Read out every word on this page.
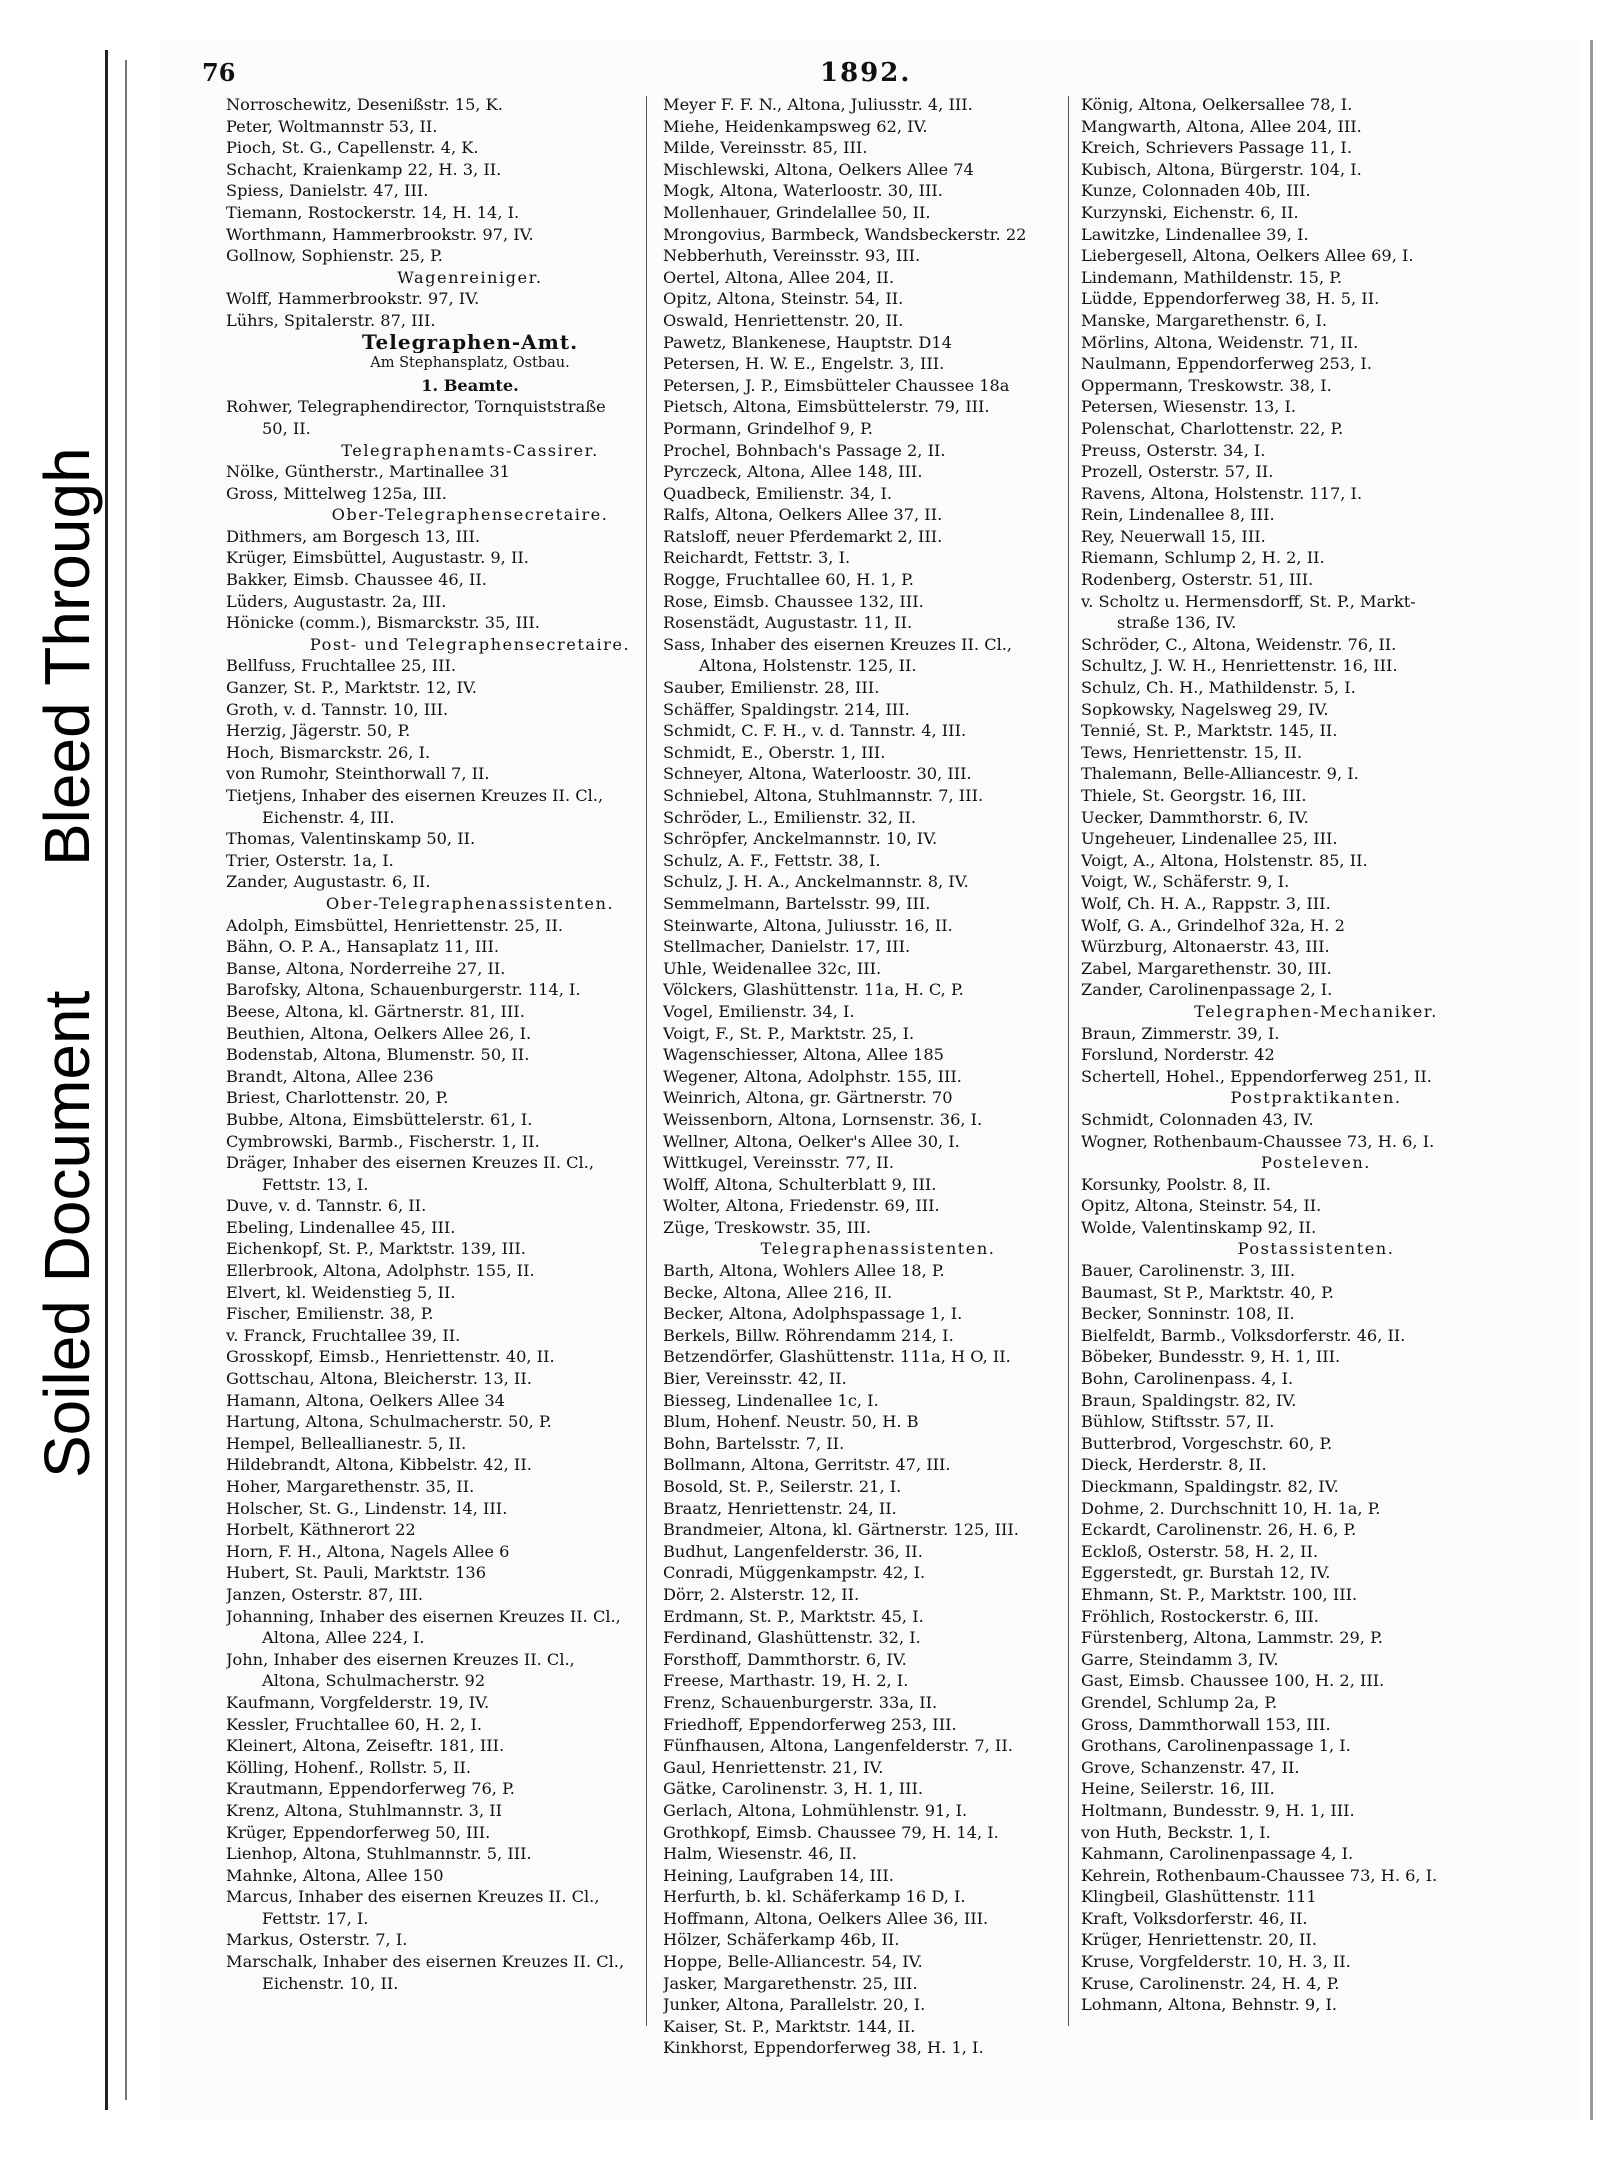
Soiled Document
Bleed Through
76	1892.
Norroschewitz, Desenißstr. 15, K.
Peter, Woltmannstr 53, II.
Pioch, St. G., Capellenstr. 4, K.
Schacht, Kraienkamp 22, H. 3, II.
Spiess, Danielstr. 47, III.
Tiemann, Rostockerstr. 14, H. 14, I.
Worthmann, Hammerbrookstr. 97, IV.
Gollnow, Sophienstr. 25, P.
Wagenreiniger.
Wolff, Hammerbrookstr. 97, IV.
Lührs, Spitalerstr. 87, III.
Telegraphen-Amt.
Am Stephansplatz, Ostbau.
1. Beamte.
Rohwer, Telegraphendirector, Tornquiststraße
50, II.
Telegraphenamts-Cassirer.
Nölke, Güntherstr., Martinallee 31
Gross, Mittelweg 125a, III.
Ober-Telegraphensecretaire.
Dithmers, am Borgesch 13, III.
Krüger, Eimsbüttel, Augustastr. 9, II.
Bakker, Eimsb. Chaussee 46, II.
Lüders, Augustastr. 2a, III.
Hönicke (comm.), Bismarckstr. 35, III.
Post- und Telegraphensecretaire.
Bellfuss, Fruchtallee 25, III.
Ganzer, St. P., Marktstr. 12, IV.
Groth, v. d. Tannstr. 10, III.
Herzig, Jägerstr. 50, P.
Hoch, Bismarckstr. 26, I.
von Rumohr, Steinthorwall 7, II.
Tietjens, Inhaber des eisernen Kreuzes II. Cl.,
Eichenstr. 4, III.
Thomas, Valentinskamp 50, II.
Trier, Osterstr. 1a, I.
Zander, Augustastr. 6, II.
Ober-Telegraphenassistenten.
Adolph, Eimsbüttel, Henriettenstr. 25, II.
Bähn, O. P. A., Hansaplatz 11, III.
Banse, Altona, Norderreihe 27, II.
Barofsky, Altona, Schauenburgerstr. 114, I.
Beese, Altona, kl. Gärtnerstr. 81, III.
Beuthien, Altona, Oelkers Allee 26, I.
Bodenstab, Altona, Blumenstr. 50, II.
Brandt, Altona, Allee 236
Briest, Charlottenstr. 20, P.
Bubbe, Altona, Eimsbüttelerstr. 61, I.
Cymbrowski, Barmb., Fischerstr. 1, II.
Dräger, Inhaber des eisernen Kreuzes II. Cl.,
Fettstr. 13, I.
Duve, v. d. Tannstr. 6, II.
Ebeling, Lindenallee 45, III.
Eichenkopf, St. P., Marktstr. 139, III.
Ellerbrook, Altona, Adolphstr. 155, II.
Elvert, kl. Weidenstieg 5, II.
Fischer, Emilienstr. 38, P.
v. Franck, Fruchtallee 39, II.
Grosskopf, Eimsb., Henriettenstr. 40, II.
Gottschau, Altona, Bleicherstr. 13, II.
Hamann, Altona, Oelkers Allee 34
Hartung, Altona, Schulmacherstr. 50, P.
Hempel, Belleallianestr. 5, II.
Hildebrandt, Altona, Kibbelstr. 42, II.
Hoher, Margarethenstr. 35, II.
Holscher, St. G., Lindenstr. 14, III.
Horbelt, Käthnerort 22
Horn, F. H., Altona, Nagels Allee 6
Hubert, St. Pauli, Marktstr. 136
Janzen, Osterstr. 87, III.
Johanning, Inhaber des eisernen Kreuzes II. Cl.,
Altona, Allee 224, I.
John, Inhaber des eisernen Kreuzes II. Cl.,
Altona, Schulmacherstr. 92
Kaufmann, Vorgfelderstr. 19, IV.
Kessler, Fruchtallee 60, H. 2, I.
Kleinert, Altona, Zeiseftr. 181, III.
Kölling, Hohenf., Rollstr. 5, II.
Krautmann, Eppendorferweg 76, P.
Krenz, Altona, Stuhlmannstr. 3, II
Krüger, Eppendorferweg 50, III.
Lienhop, Altona, Stuhlmannstr. 5, III.
Mahnke, Altona, Allee 150
Marcus, Inhaber des eisernen Kreuzes II. Cl.,
Fettstr. 17, I.
Markus, Osterstr. 7, I.
Marschalk, Inhaber des eisernen Kreuzes II. Cl.,
Eichenstr. 10, II.
Meyer F. F. N., Altona, Juliusstr. 4, III.
Miehe, Heidenkampsweg 62, IV.
Milde, Vereinsstr. 85, III.
Mischlewski, Altona, Oelkers Allee 74
Mogk, Altona, Waterloostr. 30, III.
Mollenhauer, Grindelallee 50, II.
Mrongovius, Barmbeck, Wandsbeckerstr. 22
Nebberhuth, Vereinsstr. 93, III.
Oertel, Altona, Allee 204, II.
Opitz, Altona, Steinstr. 54, II.
Oswald, Henriettenstr. 20, II.
Pawetz, Blankenese, Hauptstr. D14
Petersen, H. W. E., Engelstr. 3, III.
Petersen, J. P., Eimsbütteler Chaussee 18a
Pietsch, Altona, Eimsbüttelerstr. 79, III.
Pormann, Grindelhof 9, P.
Prochel, Bohnbach's Passage 2, II.
Pyrczeck, Altona, Allee 148, III.
Quadbeck, Emilienstr. 34, I.
Ralfs, Altona, Oelkers Allee 37, II.
Ratsloff, neuer Pferdemarkt 2, III.
Reichardt, Fettstr. 3, I.
Rogge, Fruchtallee 60, H. 1, P.
Rose, Eimsb. Chaussee 132, III.
Rosenstädt, Augustastr. 11, II.
Sass, Inhaber des eisernen Kreuzes II. Cl.,
Altona, Holstenstr. 125, II.
Sauber, Emilienstr. 28, III.
Schäffer, Spaldingstr. 214, III.
Schmidt, C. F. H., v. d. Tannstr. 4, III.
Schmidt, E., Oberstr. 1, III.
Schneyer, Altona, Waterloostr. 30, III.
Schniebel, Altona, Stuhlmannstr. 7, III.
Schröder, L., Emilienstr. 32, II.
Schröpfer, Anckelmannstr. 10, IV.
Schulz, A. F., Fettstr. 38, I.
Schulz, J. H. A., Anckelmannstr. 8, IV.
Semmelmann, Bartelsstr. 99, III.
Steinwarte, Altona, Juliusstr. 16, II.
Stellmacher, Danielstr. 17, III.
Uhle, Weidenallee 32c, III.
Völckers, Glashüttenstr. 11a, H. C, P.
Vogel, Emilienstr. 34, I.
Voigt, F., St. P., Marktstr. 25, I.
Wagenschiesser, Altona, Allee 185
Wegener, Altona, Adolphstr. 155, III.
Weinrich, Altona, gr. Gärtnerstr. 70
Weissenborn, Altona, Lornsenstr. 36, I.
Wellner, Altona, Oelker's Allee 30, I.
Wittkugel, Vereinsstr. 77, II.
Wolff, Altona, Schulterblatt 9, III.
Wolter, Altona, Friedenstr. 69, III.
Züge, Treskowstr. 35, III.
Telegraphenassistenten.
Barth, Altona, Wohlers Allee 18, P.
Becke, Altona, Allee 216, II.
Becker, Altona, Adolphspassage 1, I.
Berkels, Billw. Röhrendamm 214, I.
Betzendörfer, Glashüttenstr. 111a, H O, II.
Bier, Vereinsstr. 42, II.
Biesseg, Lindenallee 1c, I.
Blum, Hohenf. Neustr. 50, H. B
Bohn, Bartelsstr. 7, II.
Bollmann, Altona, Gerritstr. 47, III.
Bosold, St. P., Seilerstr. 21, I.
Braatz, Henriettenstr. 24, II.
Brandmeier, Altona, kl. Gärtnerstr. 125, III.
Budhut, Langenfelderstr. 36, II.
Conradi, Müggenkampstr. 42, I.
Dörr, 2. Alsterstr. 12, II.
Erdmann, St. P., Marktstr. 45, I.
Ferdinand, Glashüttenstr. 32, I.
Forsthoff, Dammthorstr. 6, IV.
Freese, Marthastr. 19, H. 2, I.
Frenz, Schauenburgerstr. 33a, II.
Friedhoff, Eppendorferweg 253, III.
Fünfhausen, Altona, Langenfelderstr. 7, II.
Gaul, Henriettenstr. 21, IV.
Gätke, Carolinenstr. 3, H. 1, III.
Gerlach, Altona, Lohmühlenstr. 91, I.
Grothkopf, Eimsb. Chaussee 79, H. 14, I.
Halm, Wiesenstr. 46, II.
Heining, Laufgraben 14, III.
Herfurth, b. kl. Schäferkamp 16 D, I.
Hoffmann, Altona, Oelkers Allee 36, III.
Hölzer, Schäferkamp 46b, II.
Hoppe, Belle-Alliancestr. 54, IV.
Jasker, Margarethenstr. 25, III.
Junker, Altona, Parallelstr. 20, I.
Kaiser, St. P., Marktstr. 144, II.
Kinkhorst, Eppendorferweg 38, H. 1, I.
König, Altona, Oelkersallee 78, I.
Mangwarth, Altona, Allee 204, III.
Kreich, Schrievers Passage 11, I.
Kubisch, Altona, Bürgerstr. 104, I.
Kunze, Colonnaden 40b, III.
Kurzynski, Eichenstr. 6, II.
Lawitzke, Lindenallee 39, I.
Liebergesell, Altona, Oelkers Allee 69, I.
Lindemann, Mathildenstr. 15, P.
Lüdde, Eppendorferweg 38, H. 5, II.
Manske, Margarethenstr. 6, I.
Mörlins, Altona, Weidenstr. 71, II.
Naulmann, Eppendorferweg 253, I.
Oppermann, Treskowstr. 38, I.
Petersen, Wiesenstr. 13, I.
Polenschat, Charlottenstr. 22, P.
Preuss, Osterstr. 34, I.
Prozell, Osterstr. 57, II.
Ravens, Altona, Holstenstr. 117, I.
Rein, Lindenallee 8, III.
Rey, Neuerwall 15, III.
Riemann, Schlump 2, H. 2, II.
Rodenberg, Osterstr. 51, III.
v. Scholtz u. Hermensdorff, St. P., Markt-
straße 136, IV.
Schröder, C., Altona, Weidenstr. 76, II.
Schultz, J. W. H., Henriettenstr. 16, III.
Schulz, Ch. H., Mathildenstr. 5, I.
Sopkowsky, Nagelsweg 29, IV.
Tennié, St. P., Marktstr. 145, II.
Tews, Henriettenstr. 15, II.
Thalemann, Belle-Alliancestr. 9, I.
Thiele, St. Georgstr. 16, III.
Uecker, Dammthorstr. 6, IV.
Ungeheuer, Lindenallee 25, III.
Voigt, A., Altona, Holstenstr. 85, II.
Voigt, W., Schäferstr. 9, I.
Wolf, Ch. H. A., Rappstr. 3, III.
Wolf, G. A., Grindelhof 32a, H. 2
Würzburg, Altonaerstr. 43, III.
Zabel, Margarethenstr. 30, III.
Zander, Carolinenpassage 2, I.
Telegraphen-Mechaniker.
Braun, Zimmerstr. 39, I.
Forslund, Norderstr. 42
Schertell, Hohel., Eppendorferweg 251, II.
Postpraktikanten.
Schmidt, Colonnaden 43, IV.
Wogner, Rothenbaum-Chaussee 73, H. 6, I.
Posteleven.
Korsunky, Poolstr. 8, II.
Opitz, Altona, Steinstr. 54, II.
Wolde, Valentinskamp 92, II.
Postassistenten.
Bauer, Carolinenstr. 3, III.
Baumast, St P., Marktstr. 40, P.
Becker, Sonninstr. 108, II.
Bielfeldt, Barmb., Volksdorferstr. 46, II.
Böbeker, Bundesstr. 9, H. 1, III.
Bohn, Carolinenpass. 4, I.
Braun, Spaldingstr. 82, IV.
Bühlow, Stiftsstr. 57, II.
Butterbrod, Vorgeschstr. 60, P.
Dieck, Herderstr. 8, II.
Dieckmann, Spaldingstr. 82, IV.
Dohme, 2. Durchschnitt 10, H. 1a, P.
Eckardt, Carolinenstr. 26, H. 6, P.
Eckloß, Osterstr. 58, H. 2, II.
Eggerstedt, gr. Burstah 12, IV.
Ehmann, St. P., Marktstr. 100, III.
Fröhlich, Rostockerstr. 6, III.
Fürstenberg, Altona, Lammstr. 29, P.
Garre, Steindamm 3, IV.
Gast, Eimsb. Chaussee 100, H. 2, III.
Grendel, Schlump 2a, P.
Gross, Dammthorwall 153, III.
Grothans, Carolinenpassage 1, I.
Grove, Schanzenstr. 47, II.
Heine, Seilerstr. 16, III.
Holtmann, Bundesstr. 9, H. 1, III.
von Huth, Beckstr. 1, I.
Kahmann, Carolinenpassage 4, I.
Kehrein, Rothenbaum-Chaussee 73, H. 6, I.
Klingbeil, Glashüttenstr. 111
Kraft, Volksdorferstr. 46, II.
Krüger, Henriettenstr. 20, II.
Kruse, Vorgfelderstr. 10, H. 3, II.
Kruse, Carolinenstr. 24, H. 4, P.
Lohmann, Altona, Behnstr. 9, I.
